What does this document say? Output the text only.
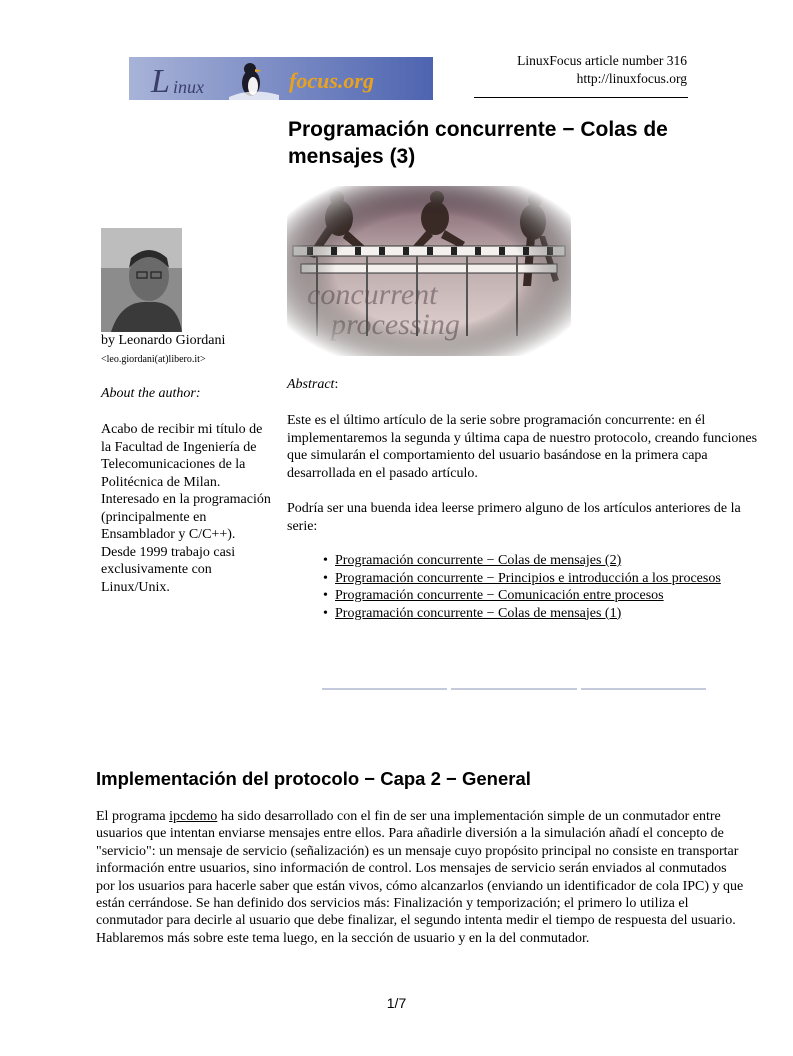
L inux	focus.org
LinuxFocus article number 316
http://linuxfocus.org
Programación concurrente − Colas de mensajes (3)
by Leonardo Giordani
<leo.giordani(at)libero.it>
About the author:
Acabo de recibir mi título de la Facultad de Ingeniería de Telecomunicaciones de la Politécnica de Milan. Interesado en la programación (principalmente en Ensamblador y C/C++). Desde 1999 trabajo casi exclusivamente con Linux/Unix.
Abstract:
Este es el último artículo de la serie sobre programación concurrente: en él implementaremos la segunda y última capa de nuestro protocolo, creando funciones que simularán el comportamiento del usuario basándose en la primera capa desarrollada en el pasado artículo.
Podría ser una buenda idea leerse primero alguno de los artículos anteriores de la serie:
• Programación concurrente − Colas de mensajes (2)
• Programación concurrente − Principios e introducción a los procesos
• Programación concurrente − Comunicación entre procesos
• Programación concurrente − Colas de mensajes (1)
Implementación del protocolo − Capa 2 − General
El programa ipcdemo ha sido desarrollado con el fin de ser una implementación simple de un conmutador entre usuarios que intentan enviarse mensajes entre ellos. Para añadirle diversión a la simulación añadí el concepto de "servicio": un mensaje de servicio (señalización) es un mensaje cuyo propósito principal no consiste en transportar información entre usuarios, sino información de control. Los mensajes de servicio serán enviados al conmutados por los usuarios para hacerle saber que están vivos, cómo alcanzarlos (enviando un identificador de cola IPC) y que están cerrándose. Se han definido dos servicios más: Finalización y temporización; el primero lo utiliza el conmutador para decirle al usuario que debe finalizar, el segundo intenta medir el tiempo de respuesta del usuario. Hablaremos más sobre este tema luego, en la sección de usuario y en la del conmutador.
1/7
